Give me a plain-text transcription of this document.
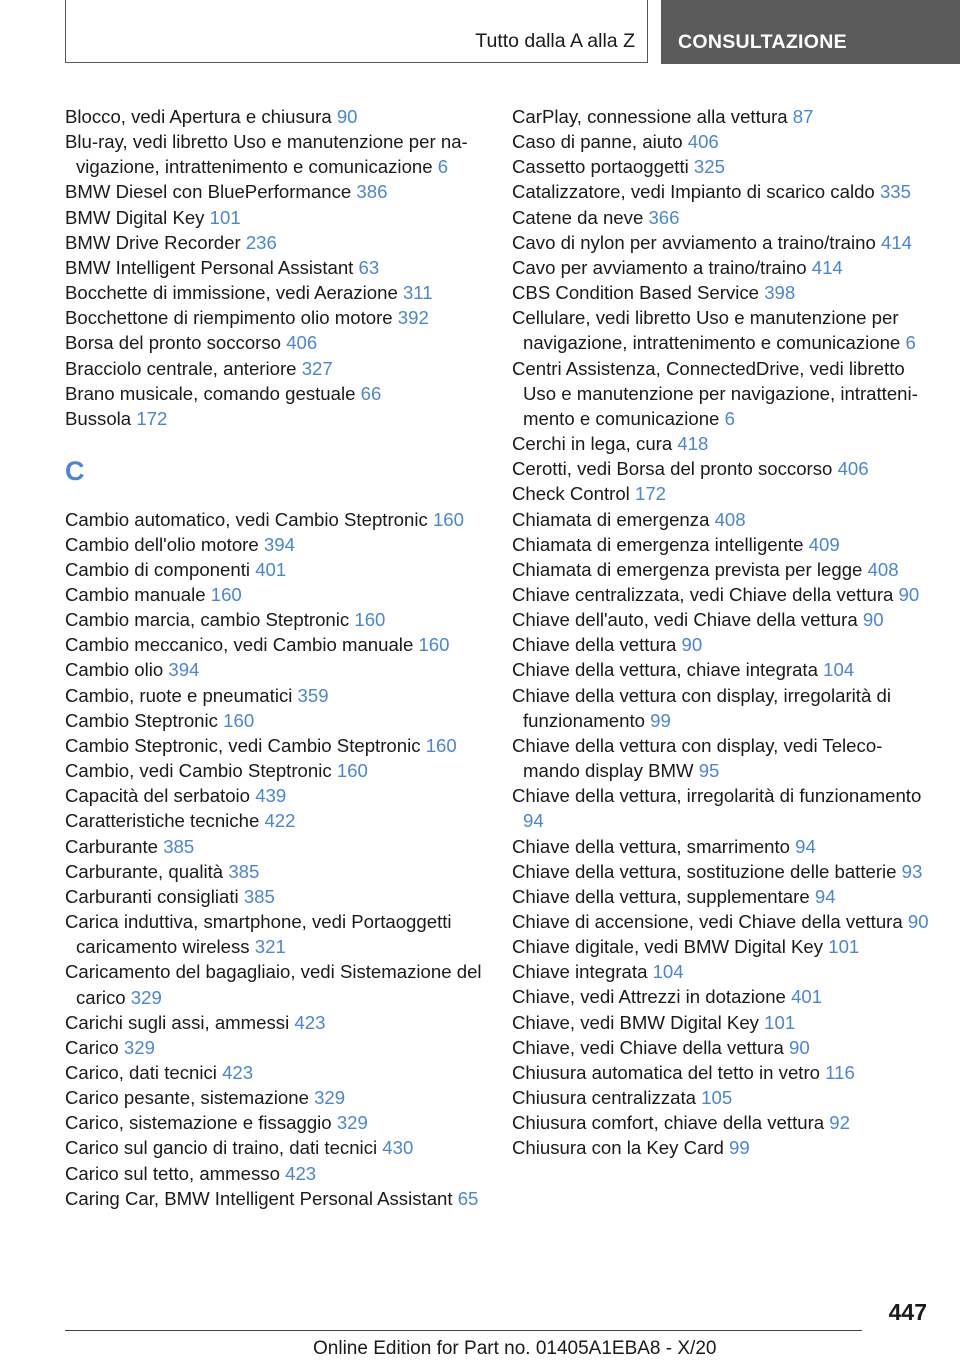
Tutto dalla A alla Z CONSULTAZIONE
Blocco, vedi Apertura e chiusura 90
Blu-ray, vedi libretto Uso e manutenzione per navigazione, intrattenimento e comunicazione 6
BMW Diesel con BluePerformance 386
BMW Digital Key 101
BMW Drive Recorder 236
BMW Intelligent Personal Assistant 63
Bocchette di immissione, vedi Aerazione 311
Bocchettone di riempimento olio motore 392
Borsa del pronto soccorso 406
Bracciolo centrale, anteriore 327
Brano musicale, comando gestuale 66
Bussola 172
C
Cambio automatico, vedi Cambio Steptronic 160
Cambio dell'olio motore 394
Cambio di componenti 401
Cambio manuale 160
Cambio marcia, cambio Steptronic 160
Cambio meccanico, vedi Cambio manuale 160
Cambio olio 394
Cambio, ruote e pneumatici 359
Cambio Steptronic 160
Cambio Steptronic, vedi Cambio Steptronic 160
Cambio, vedi Cambio Steptronic 160
Capacità del serbatoio 439
Caratteristiche tecniche 422
Carburante 385
Carburante, qualità 385
Carburanti consigliati 385
Carica induttiva, smartphone, vedi Portaoggetti caricamento wireless 321
Caricamento del bagagliaio, vedi Sistemazione del carico 329
Carichi sugli assi, ammessi 423
Carico 329
Carico, dati tecnici 423
Carico pesante, sistemazione 329
Carico, sistemazione e fissaggio 329
Carico sul gancio di traino, dati tecnici 430
Carico sul tetto, ammesso 423
Caring Car, BMW Intelligent Personal Assistant 65
CarPlay, connessione alla vettura 87
Caso di panne, aiuto 406
Cassetto portaoggetti 325
Catalizzatore, vedi Impianto di scarico caldo 335
Catene da neve 366
Cavo di nylon per avviamento a traino/traino 414
Cavo per avviamento a traino/traino 414
CBS Condition Based Service 398
Cellulare, vedi libretto Uso e manutenzione per navigazione, intrattenimento e comunicazione 6
Centri Assistenza, ConnectedDrive, vedi libretto Uso e manutenzione per navigazione, intrattenimento e comunicazione 6
Cerchi in lega, cura 418
Cerotti, vedi Borsa del pronto soccorso 406
Check Control 172
Chiamata di emergenza 408
Chiamata di emergenza intelligente 409
Chiamata di emergenza prevista per legge 408
Chiave centralizzata, vedi Chiave della vettura 90
Chiave dell'auto, vedi Chiave della vettura 90
Chiave della vettura 90
Chiave della vettura, chiave integrata 104
Chiave della vettura con display, irregolarità di funzionamento 99
Chiave della vettura con display, vedi Telecomando display BMW 95
Chiave della vettura, irregolarità di funzionamento 94
Chiave della vettura, smarrimento 94
Chiave della vettura, sostituzione delle batterie 93
Chiave della vettura, supplementare 94
Chiave di accensione, vedi Chiave della vettura 90
Chiave digitale, vedi BMW Digital Key 101
Chiave integrata 104
Chiave, vedi Attrezzi in dotazione 401
Chiave, vedi BMW Digital Key 101
Chiave, vedi Chiave della vettura 90
Chiusura automatica del tetto in vetro 116
Chiusura centralizzata 105
Chiusura comfort, chiave della vettura 92
Chiusura con la Key Card 99
447
Online Edition for Part no. 01405A1EBA8 - X/20
